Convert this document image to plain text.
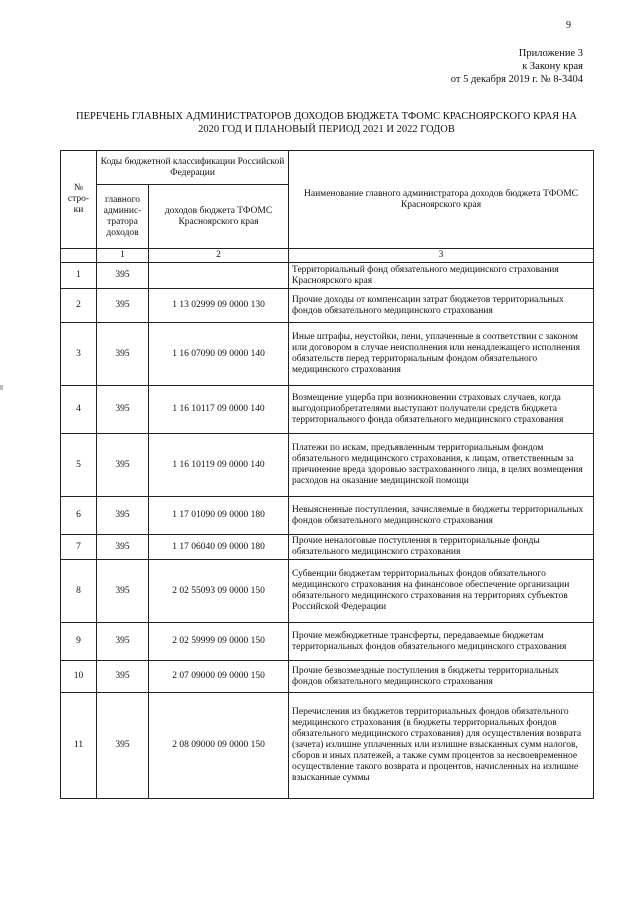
9
Приложение 3
к Закону края
от 5 декабря 2019 г. № 8-3404
ПЕРЕЧЕНЬ ГЛАВНЫХ АДМИНИСТРАТОРОВ ДОХОДОВ БЮДЖЕТА ТФОМС КРАСНОЯРСКОГО КРАЯ НА
2020 ГОД И ПЛАНОВЫЙ ПЕРИОД 2021 И 2022 ГОДОВ
№ стро-ки	Коды бюджетной классификации Российской Федерации		Наименование главного администратора доходов бюджета ТФОМС Красноярского края
	главного админис-тратора доходов	доходов бюджета ТФОМС Красноярского края	
	1	2	3
1	395		Территориальный фонд обязательного медицинского страхования Красноярского края
2	395	1 13 02999 09 0000 130	Прочие доходы от компенсации затрат бюджетов территориальных фондов обязательного медицинского страхования
3	395	1 16 07090 09 0000 140	Иные штрафы, неустойки, пени, уплаченные в соответствии с законом или договором в случае неисполнения или ненадлежащего исполнения обязательств перед территориальным фондом обязательного медицинского страхования
4	395	1 16 10117 09 0000 140	Возмещение ущерба при возникновении страховых случаев, когда выгодоприобретателями выступают получатели средств бюджета территориального фонда обязательного медицинского страхования
5	395	1 16 10119 09 0000 140	Платежи по искам, предъявленным территориальным фондом обязательного медицинского страхования, к лицам, ответственным за причинение вреда здоровью застрахованного лица, в целях возмещения расходов на оказание медицинской помощи
6	395	1 17 01090 09 0000 180	Невыясненные поступления, зачисляемые в бюджеты территориальных фондов обязательного медицинского страхования
7	395	1 17 06040 09 0000 180	Прочие неналоговые поступления в территориальные фонды обязательного медицинского страхования
8	395	2 02 55093 09 0000 150	Субвенции бюджетам территориальных фондов обязательного медицинского страхования на финансовое обеспечение организации обязательного медицинского страхования на территориях субъектов Российской Федерации
9	395	2 02 59999 09 0000 150	Прочие межбюджетные трансферты, передаваемые бюджетам территориальных фондов обязательного медицинского страхования
10	395	2 07 09000 09 0000 150	Прочие безвозмездные поступления в бюджеты территориальных фондов обязательного медицинского страхования
11	395	2 08 09000 09 0000 150	Перечисления из бюджетов территориальных фондов обязательного медицинского страхования (в бюджеты территориальных фондов обязательного медицинского страхования) для осуществления возврата (зачета) излишне уплаченных или излишне взысканных сумм налогов, сборов и иных платежей, а также сумм процентов за несвоевременное осуществление такого возврата и процентов, начисленных на излишне взысканные суммы
